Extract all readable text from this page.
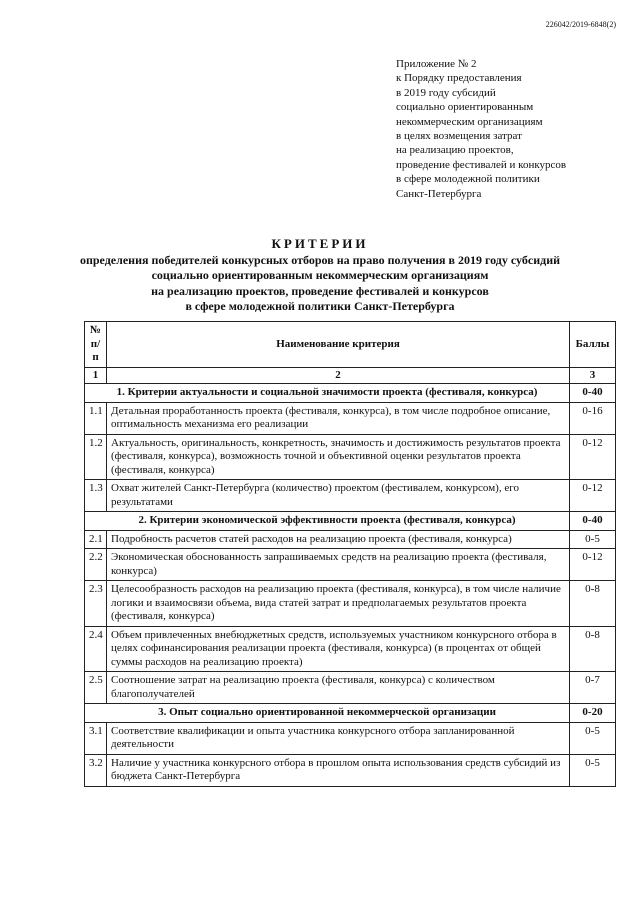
226042/2019-6848(2)
Приложение № 2
к Порядку предоставления
в 2019 году субсидий
социально ориентированным
некоммерческим организациям
в целях возмещения затрат
на реализацию проектов,
проведение фестивалей и конкурсов
в сфере молодежной политики
Санкт-Петербурга
КРИТЕРИИ
определения победителей конкурсных отборов на право получения в 2019 году субсидий
социально ориентированным некоммерческим организациям
на реализацию проектов, проведение фестивалей и конкурсов
в сфере молодежной политики Санкт-Петербурга
№ п/п	Наименование критерия	Баллы
1	2	3
1. Критерии актуальности и социальной значимости проекта (фестиваля, конкурса)		0-40
1.1	Детальная проработанность проекта (фестиваля, конкурса), в том числе подробное описание, оптимальность механизма его реализации	0-16
1.2	Актуальность, оригинальность, конкретность, значимость и достижимость результатов проекта (фестиваля, конкурса), возможность точной и объективной оценки результатов проекта (фестиваля, конкурса)	0-12
1.3	Охват жителей Санкт-Петербурга (количество) проектом (фестивалем, конкурсом), его результатами	0-12
2. Критерии экономической эффективности проекта (фестиваля, конкурса)		0-40
2.1	Подробность расчетов статей расходов на реализацию проекта (фестиваля, конкурса)	0-5
2.2	Экономическая обоснованность запрашиваемых средств на реализацию проекта (фестиваля, конкурса)	0-12
2.3	Целесообразность расходов на реализацию проекта (фестиваля, конкурса), в том числе наличие логики и взаимосвязи объема, вида статей затрат и предполагаемых результатов проекта (фестиваля, конкурса)	0-8
2.4	Объем привлеченных внебюджетных средств, используемых участником конкурсного отбора в целях софинансирования реализации проекта (фестиваля, конкурса) (в процентах от общей суммы расходов на реализацию проекта)	0-8
2.5	Соотношение затрат на реализацию проекта (фестиваля, конкурса) с количеством благополучателей	0-7
3. Опыт социально ориентированной некоммерческой организации		0-20
3.1	Соответствие квалификации и опыта участника конкурсного отбора запланированной деятельности	0-5
3.2	Наличие у участника конкурсного отбора в прошлом опыта использования средств субсидий из бюджета Санкт-Петербурга	0-5
